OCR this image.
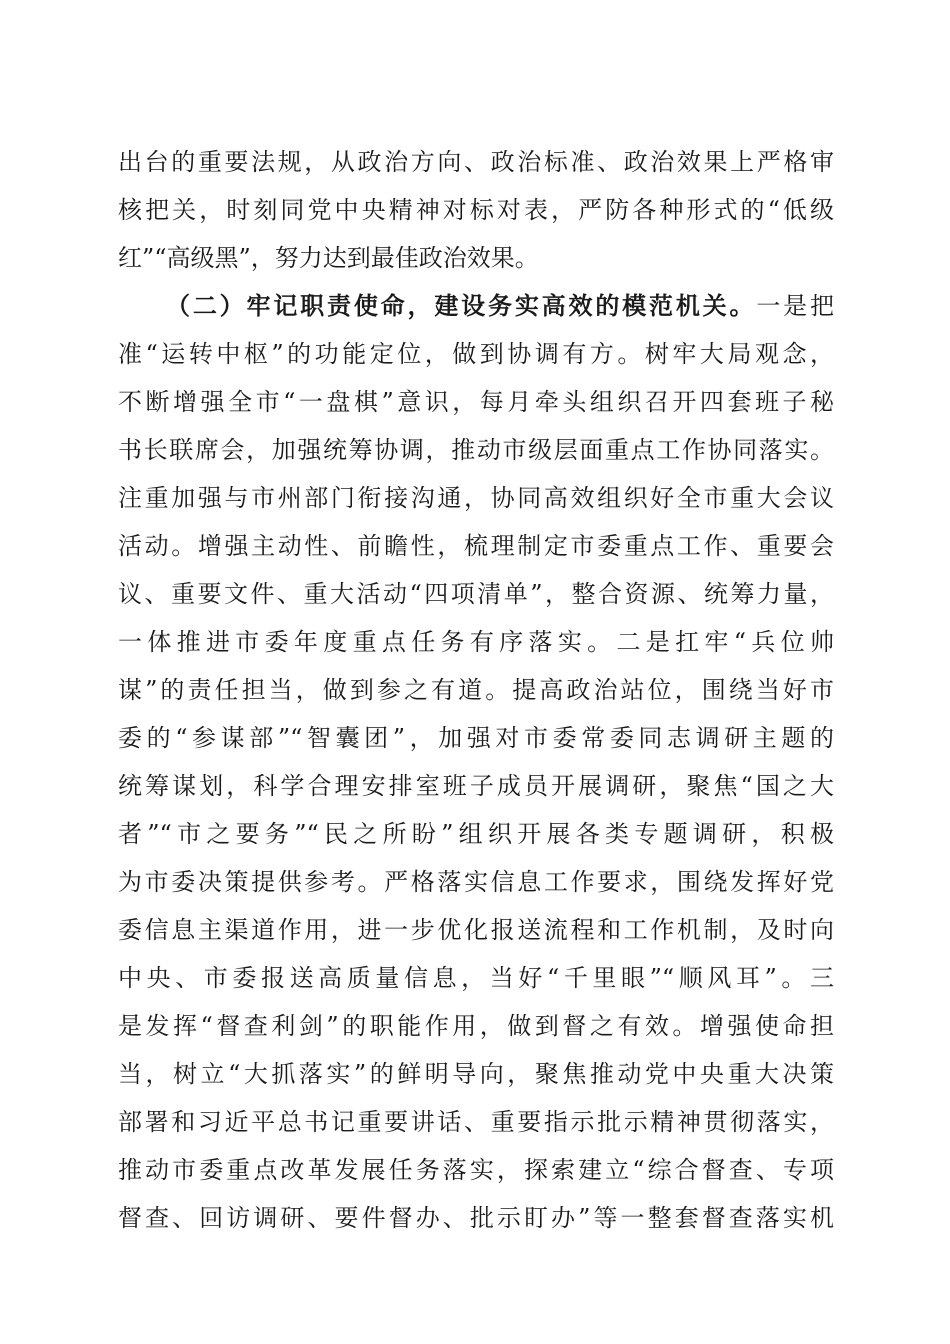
出台的重要法规，从政治方向、政治标准、政治效果上严格审
核把关，时刻同党中央精神对标对表，严防各种形式的“低级
红”“高级黑”，努力达到最佳政治效果。
（二）牢记职责使命，建设务实高效的模范机关。一是把
准“运转中枢”的功能定位，做到协调有方。树牢大局观念，
不断增强全市“一盘棋”意识，每月牵头组织召开四套班子秘
书长联席会，加强统筹协调，推动市级层面重点工作协同落实。
注重加强与市州部门衔接沟通，协同高效组织好全市重大会议
活动。增强主动性、前瞻性，梳理制定市委重点工作、重要会
议、重要文件、重大活动“四项清单”，整合资源、统筹力量，
一体推进市委年度重点任务有序落实。二是扛牢“兵位帅
谋”的责任担当，做到参之有道。提高政治站位，围绕当好市
委的“参谋部”“智囊团”，加强对市委常委同志调研主题的
统筹谋划，科学合理安排室班子成员开展调研，聚焦“国之大
者”“市之要务”“民之所盼”组织开展各类专题调研，积极
为市委决策提供参考。严格落实信息工作要求，围绕发挥好党
委信息主渠道作用，进一步优化报送流程和工作机制，及时向
中央、市委报送高质量信息，当好“千里眼”“顺风耳”。三
是发挥“督查利剑”的职能作用，做到督之有效。增强使命担
当，树立“大抓落实”的鲜明导向，聚焦推动党中央重大决策
部署和习近平总书记重要讲话、重要指示批示精神贯彻落实，
推动市委重点改革发展任务落实，探索建立“综合督查、专项
督查、回访调研、要件督办、批示盯办”等一整套督查落实机
